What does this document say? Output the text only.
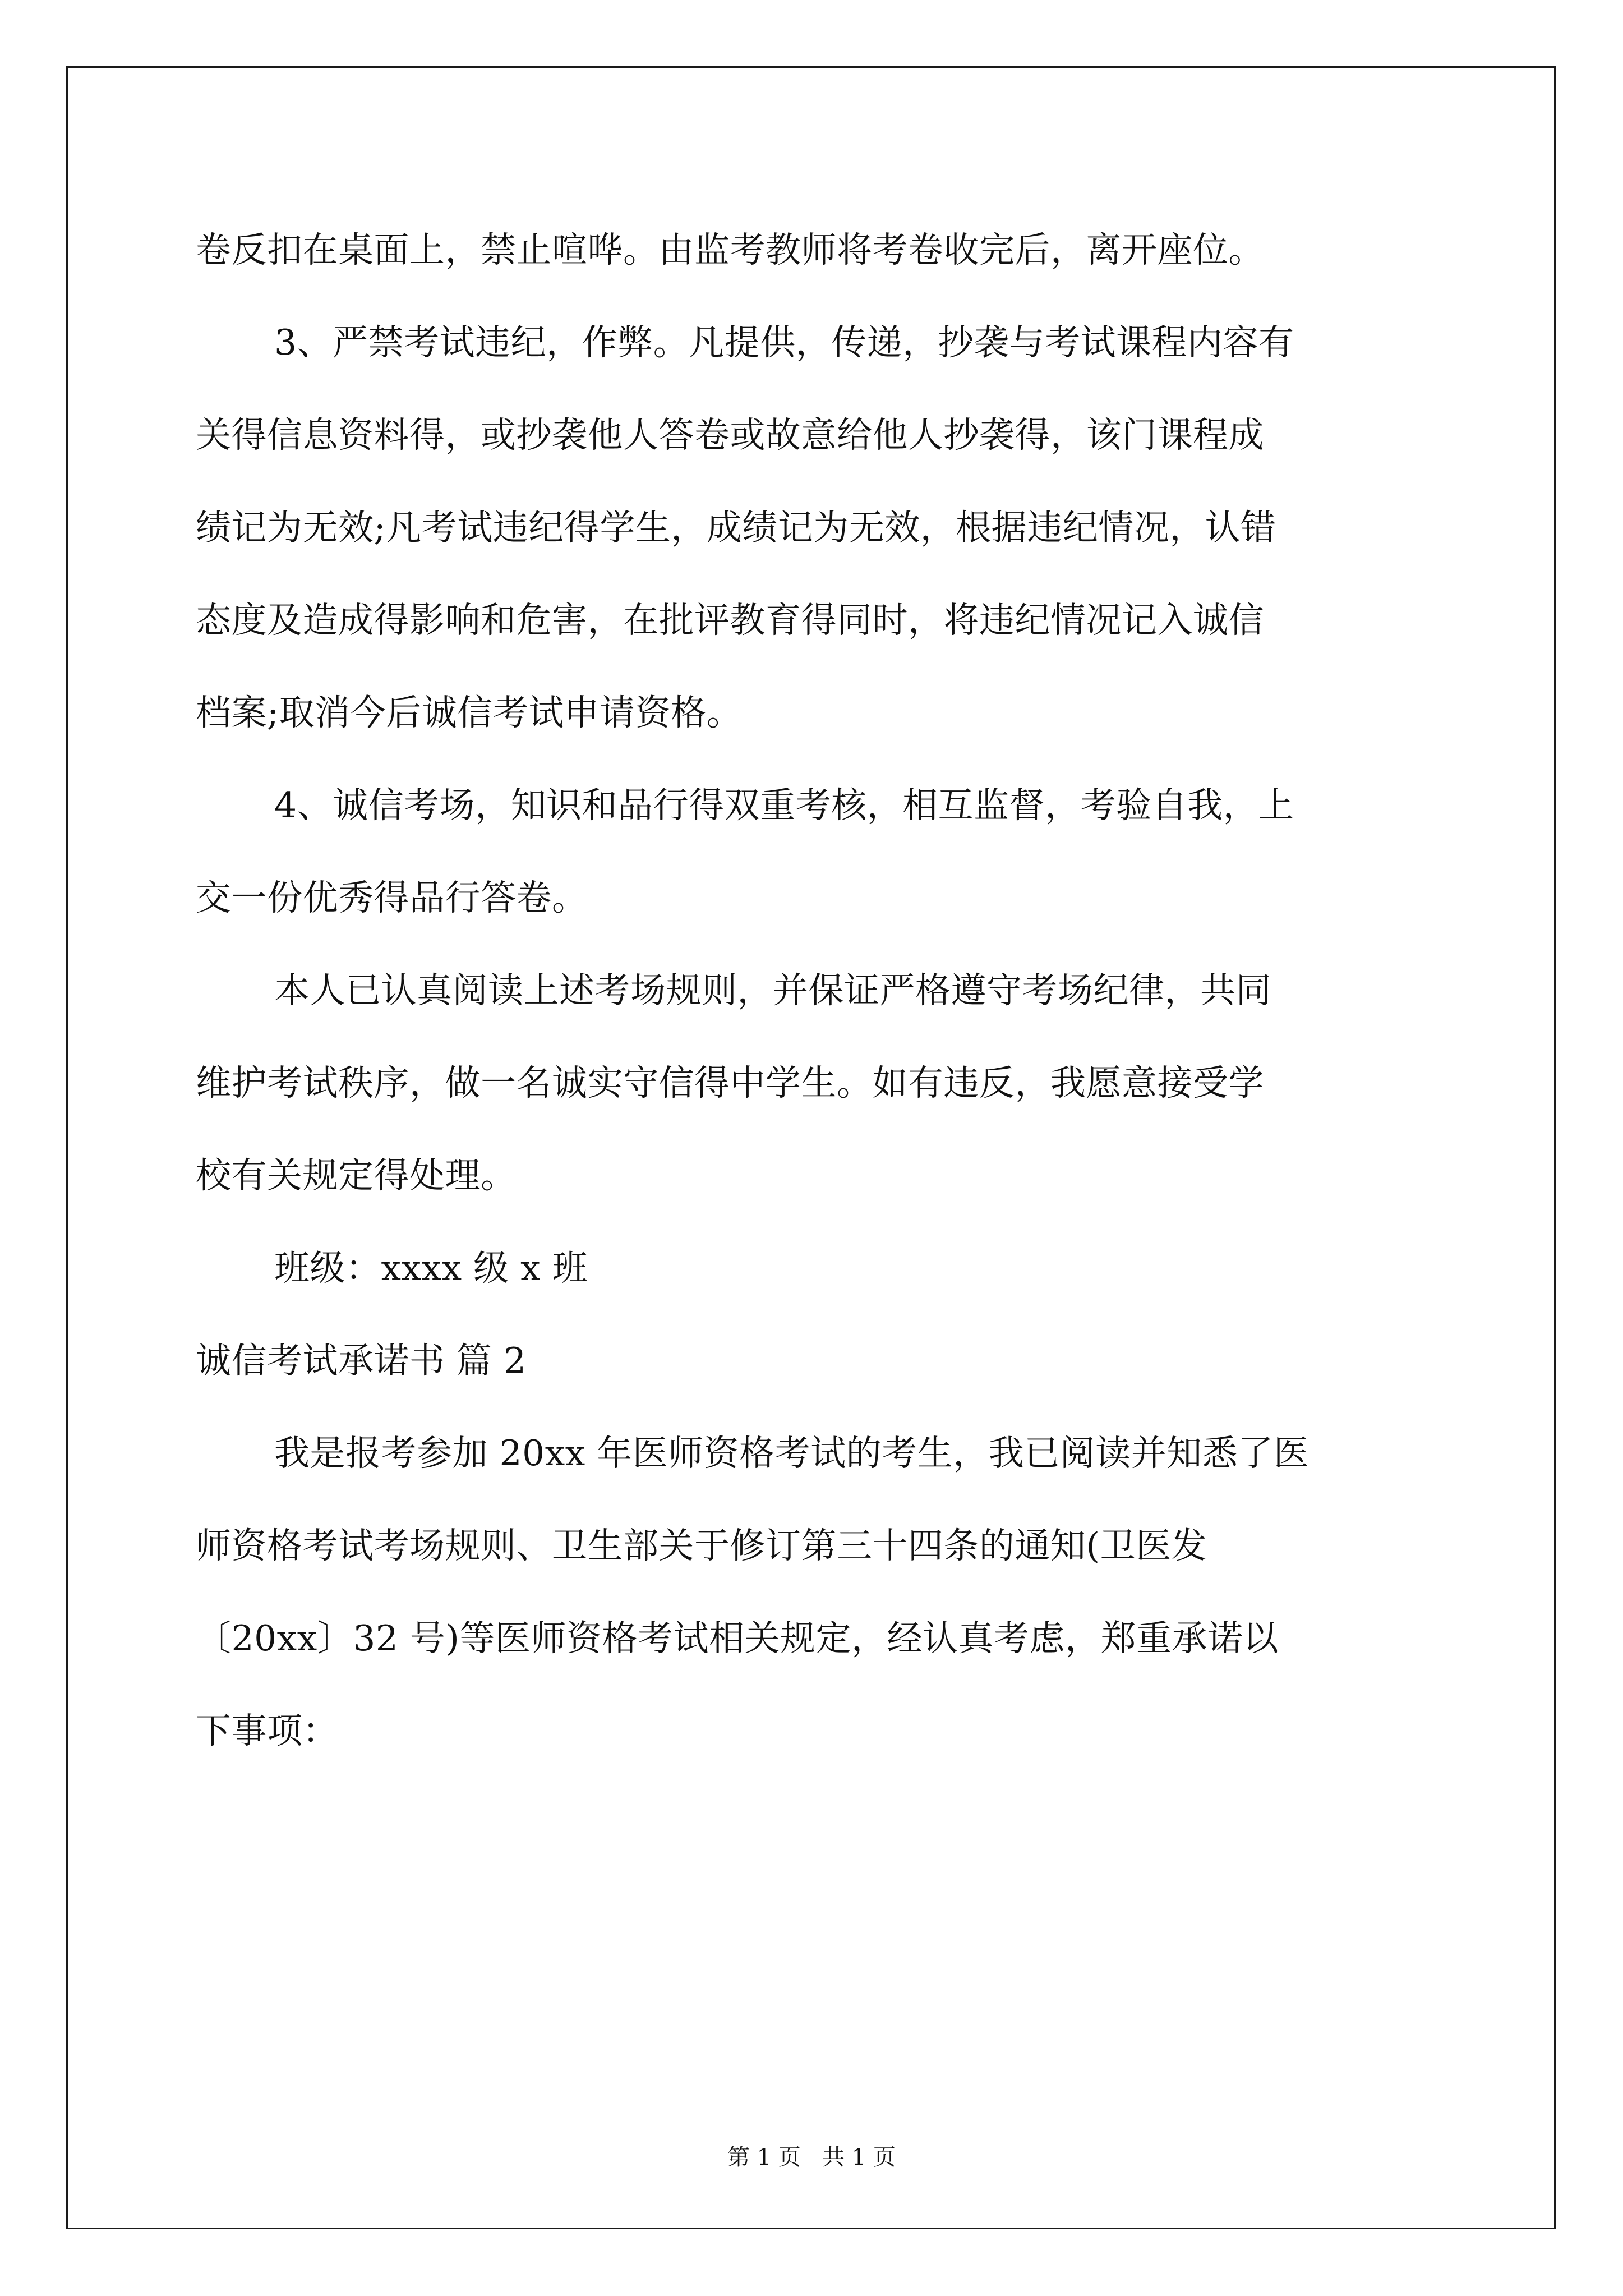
卷反扣在桌面上，禁止喧哗。由监考教师将考卷收完后，离开座位。
3、严禁考试违纪，作弊。凡提供，传递，抄袭与考试课程内容有
关得信息资料得，或抄袭他人答卷或故意给他人抄袭得，该门课程成
绩记为无效;凡考试违纪得学生，成绩记为无效，根据违纪情况，认错
态度及造成得影响和危害，在批评教育得同时，将违纪情况记入诚信
档案;取消今后诚信考试申请资格。
4、诚信考场，知识和品行得双重考核，相互监督，考验自我，上
交一份优秀得品行答卷。
本人已认真阅读上述考场规则，并保证严格遵守考场纪律，共同
维护考试秩序，做一名诚实守信得中学生。如有违反，我愿意接受学
校有关规定得处理。
班级：xxxx 级 x 班
诚信考试承诺书 篇 2
我是报考参加 20xx 年医师资格考试的考生，我已阅读并知悉了医
师资格考试考场规则、卫生部关于修订第三十四条的通知(卫医发
〔20xx〕32 号)等医师资格考试相关规定，经认真考虑，郑重承诺以
下事项：
第 1 页   共 1 页
